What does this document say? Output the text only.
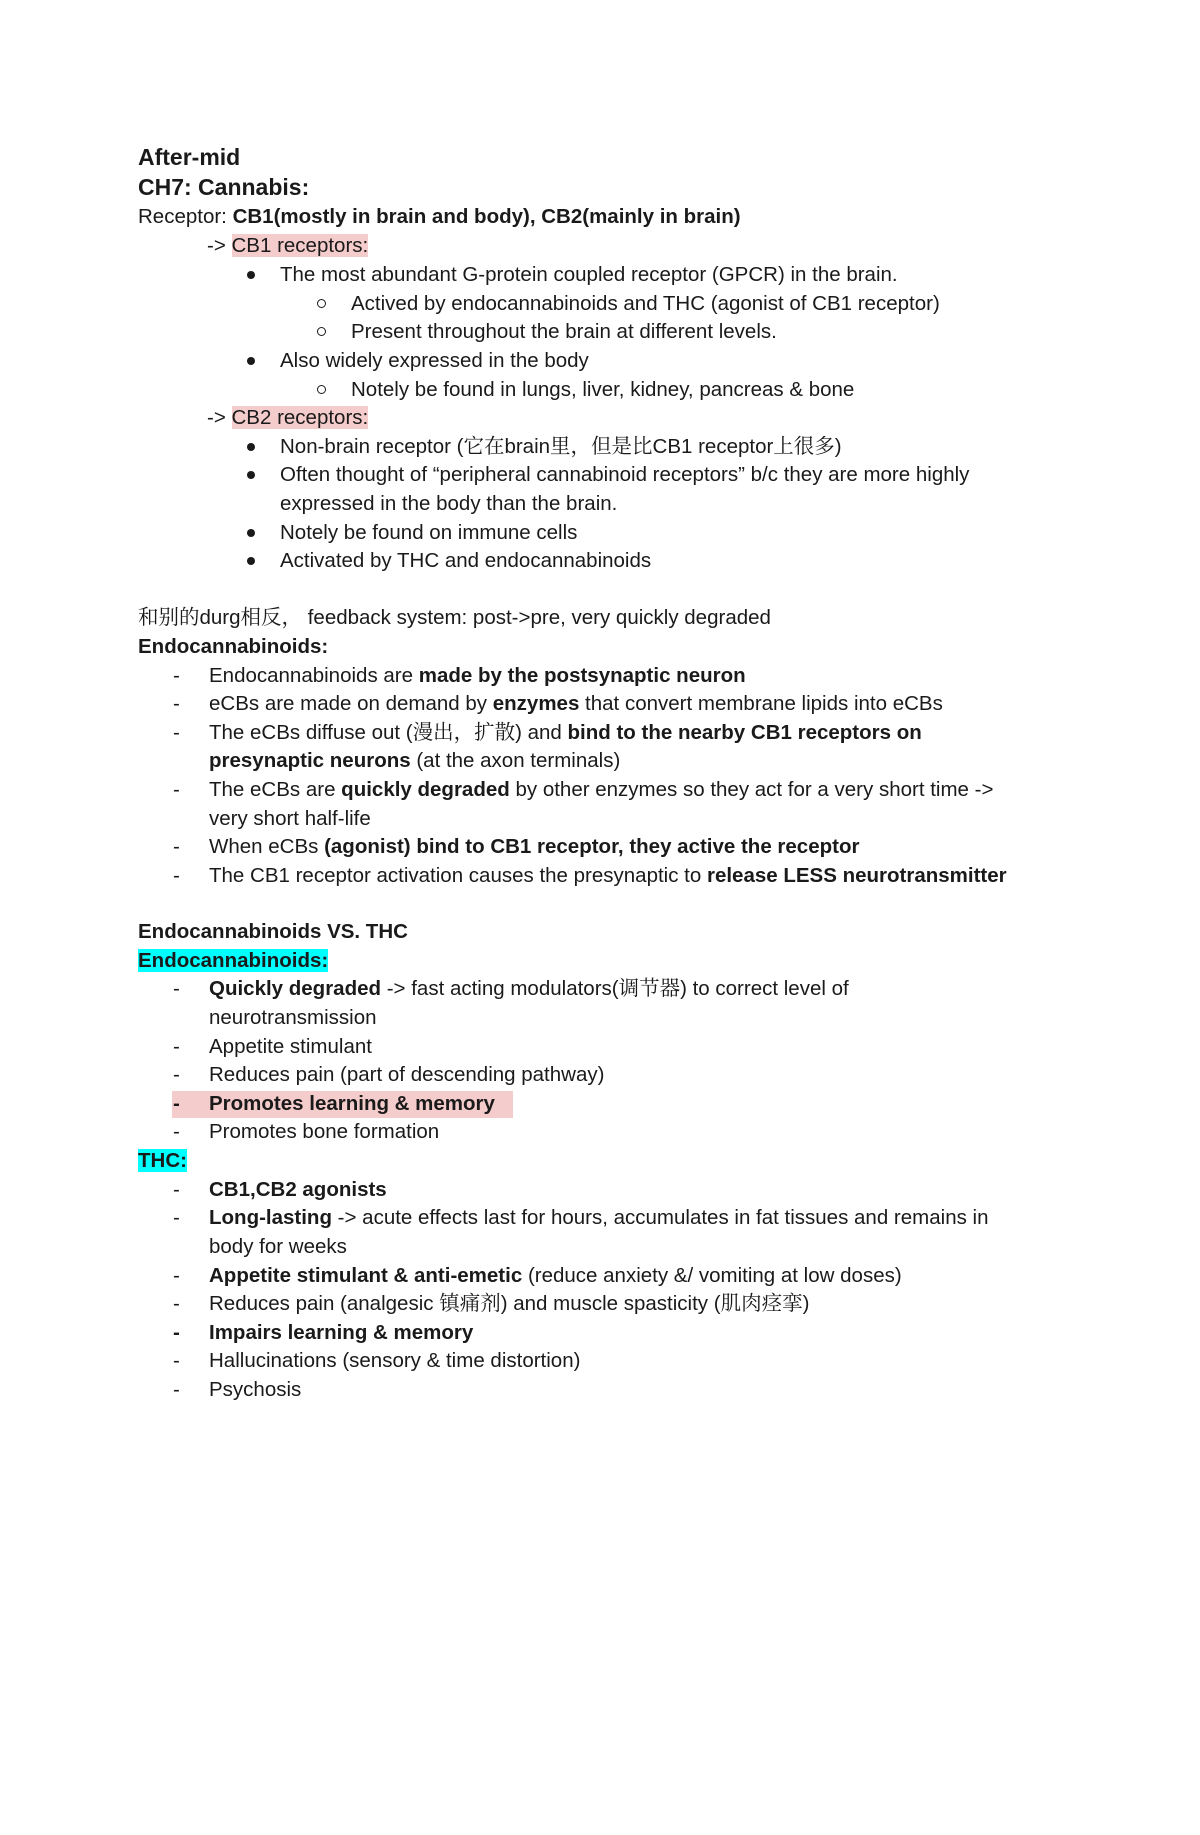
After-mid
CH7: Cannabis:
Receptor: CB1(mostly in brain and body), CB2(mainly in brain)
-> CB1 receptors:
The most abundant G-protein coupled receptor (GPCR) in the brain.
Actived by endocannabinoids and THC (agonist of CB1 receptor)
Present throughout the brain at different levels.
Also widely expressed in the body
Notely be found in lungs, liver, kidney, pancreas & bone
-> CB2 receptors:
Non-brain receptor (它在brain里，但是比CB1 receptor上很多)
Often thought of “peripheral cannabinoid receptors” b/c they are more highly
expressed in the body than the brain.
Notely be found on immune cells
Activated by THC and endocannabinoids
和别的durg相反， feedback system: post->pre, very quickly degraded
Endocannabinoids:
- Endocannabinoids are made by the postsynaptic neuron
- eCBs are made on demand by enzymes that convert membrane lipids into eCBs
- The eCBs diffuse out (漫出，扩散) and bind to the nearby CB1 receptors on
presynaptic neurons (at the axon terminals)
- The eCBs are quickly degraded by other enzymes so they act for a very short time ->
very short half-life
- When eCBs (agonist) bind to CB1 receptor, they active the receptor
- The CB1 receptor activation causes the presynaptic to release LESS neurotransmitter
Endocannabinoids VS. THC
Endocannabinoids:
- Quickly degraded -> fast acting modulators(调节器) to correct level of
neurotransmission
- Appetite stimulant
- Reduces pain (part of descending pathway)
- Promotes learning & memory
- Promotes bone formation
THC:
- CB1,CB2 agonists
- Long-lasting -> acute effects last for hours, accumulates in fat tissues and remains in
body for weeks
- Appetite stimulant & anti-emetic (reduce anxiety &/ vomiting at low doses)
- Reduces pain (analgesic 镇痛剂) and muscle spasticity (肌肉痉挛)
- Impairs learning & memory
- Hallucinations (sensory & time distortion)
- Psychosis
